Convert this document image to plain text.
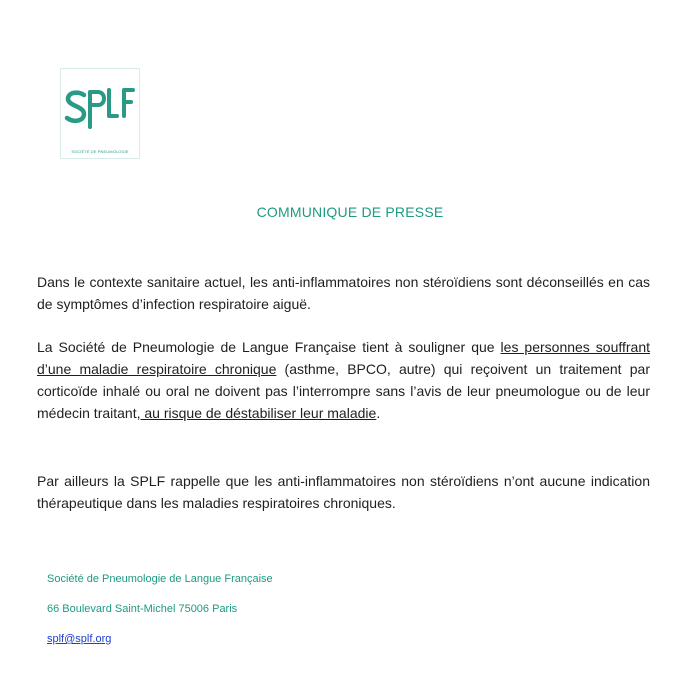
SOCIÉTÉ DE PNEUMOLOGIE
COMMUNIQUE DE PRESSE

Dans le contexte sanitaire actuel, les anti-inflammatoires non stéroïdiens sont déconseillés en cas de symptômes d’infection respiratoire aiguë.

La Société de Pneumologie de Langue Française tient à souligner que les personnes souffrant d’une maladie respiratoire chronique (asthme, BPCO, autre) qui reçoivent un traitement par corticoïde inhalé ou oral ne doivent pas l’interrompre sans l’avis de leur pneumologue ou de leur médecin traitant, au risque de déstabiliser leur maladie.

Par ailleurs la SPLF rappelle que les anti-inflammatoires non stéroïdiens n’ont aucune indication thérapeutique dans les maladies respiratoires chroniques.

Société de Pneumologie de Langue Française
66 Boulevard Saint-Michel 75006 Paris
splf@splf.org
